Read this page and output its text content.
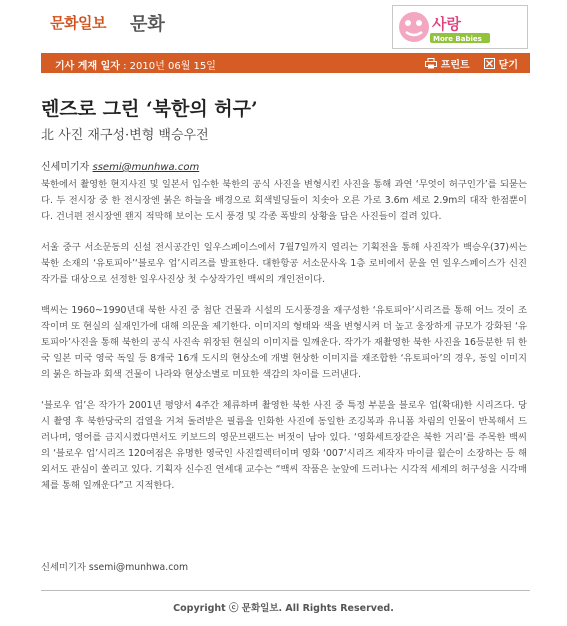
문화일보 문화	사랑
More Babies
기사 게재 일자 : 2010년 06월 15일	프린트	닫기
렌즈로 그린 ‘북한의 허구’
北 사진 재구성·변형 백승우전
신세미기자 ssemi@munhwa.com

북한에서 촬영한 현지사진 및 일본서 입수한 북한의 공식 사진을 변형시킨 사진을 통해 과연 ‘무엇이 허구인가’를 되묻는다. 두 전시장 중 한 전시장엔 붉은 하늘을 배경으로 회색빌딩들이 치솟아 오른 가로 3.6m 세로 2.9m의 대작 한점뿐이다. 건너편 전시장엔 왠지 적막해 보이는 도시 풍경 및 각종 폭발의 상황을 담은 사진들이 걸려 있다.

서울 중구 서소문동의 신설 전시공간인 일우스페이스에서 7월7일까지 열리는 기획전을 통해 사진작가 백승우(37)씨는 북한 소재의 ‘유토피아’‘블로우 업’시리즈를 발표한다. 대한항공 서소문사옥 1층 로비에서 문을 연 일우스페이스가 신진작가를 대상으로 선정한 일우사진상 첫 수상작가인 백씨의 개인전이다.

백씨는 1960~1990년대 북한 사진 중 첨단 건물과 시설의 도시풍경을 재구성한 ‘유토피아’시리즈를 통해 어느 것이 조작이며 또 현실의 실재인가에 대해 의문을 제기한다. 이미지의 형태와 색을 변형시켜 더 높고 웅장하게 규모가 강화된 ‘유토피아’사진을 통해 북한의 공식 사진속 위장된 현실의 이미지를 일깨운다. 작가가 재촬영한 북한 사진을 16등분한 뒤 한국 일본 미국 영국 독일 등 8개국 16개 도시의 현상소에 개별 현상한 이미지를 재조합한 ‘유토피아’의 경우, 동일 이미지의 붉은 하늘과 회색 건물이 나라와 현상소별로 미묘한 색감의 차이를 드러낸다.

‘블로우 업’은 작가가 2001년 평양서 4주간 체류하며 촬영한 북한 사진 중 특정 부분을 블로우 업(확대)한 시리즈다. 당시 촬영 후 북한당국의 검열을 거쳐 돌려받은 필름을 인화한 사진에 동일한 조깅복과 유니폼 차림의 인물이 반복해서 드러나며, 영어를 금지시켰다면서도 키보드의 영문브랜드는 버젓이 남아 있다. ‘영화세트장같은 북한 거리’를 주목한 백씨의 ‘블로우 업’시리즈 120여점은 유명한 영국인 사진컬렉터이며 영화 ‘007’시리즈 제작자 마이클 윌슨이 소장하는 등 해외서도 관심이 쏠리고 있다. 기획자 신수진 연세대 교수는 “백씨 작품은 눈앞에 드러나는 시각적 세계의 허구성을 시각매체를 통해 일깨운다”고 지적한다.

신세미기자 ssemi@munhwa.com
Copyright ⓒ 문화일보. All Rights Reserved.
